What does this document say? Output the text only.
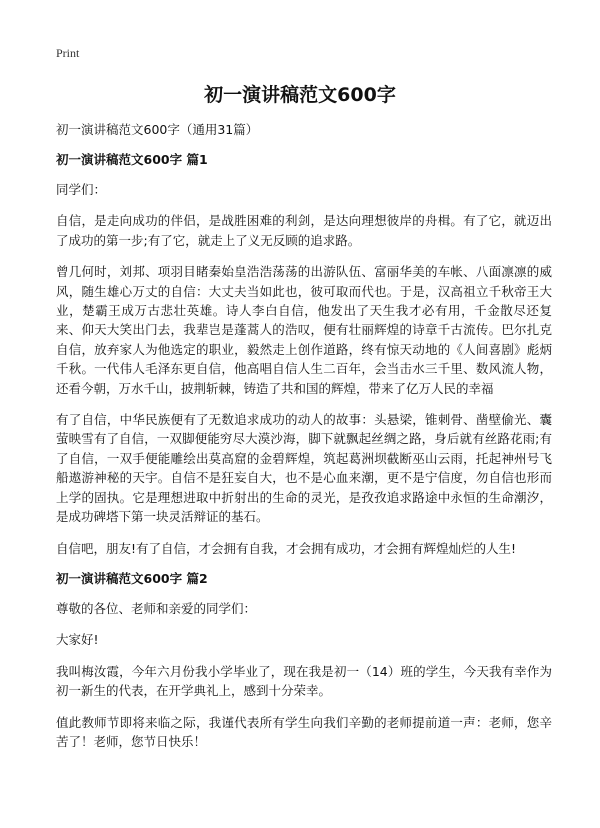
Print
初一演讲稿范文600字

初一演讲稿范文600字（通用31篇）

初一演讲稿范文600字 篇1

同学们：

自信，是走向成功的伴侣，是战胜困难的利剑，是达向理想彼岸的舟楫。有了它，就迈出了成功的第一步;有了它，就走上了义无反顾的追求路。

曾几何时，刘邦、项羽目睹秦始皇浩浩荡荡的出游队伍、富丽华美的车帐、八面凛凛的威风，随生雄心万丈的自信：大丈夫当如此也，彼可取而代也。于是，汉高祖立千秋帝王大业，楚霸王成万古悲壮英雄。诗人李白自信，他发出了天生我才必有用，千金散尽还复来、仰天大笑出门去，我辈岂是蓬蒿人的浩叹，便有壮丽辉煌的诗章千古流传。巴尔扎克自信，放弃家人为他选定的职业，毅然走上创作道路，终有惊天动地的《人间喜剧》彪炳千秋。一代伟人毛泽东更自信，他高唱自信人生二百年，会当击水三千里、数风流人物，还看今朝，万水千山，披荆斩棘，铸造了共和国的辉煌，带来了亿万人民的幸福

有了自信，中华民族便有了无数追求成功的动人的故事：头悬梁，锥刺骨、凿壁偷光、囊萤映雪有了自信，一双脚便能穷尽大漠沙海，脚下就飘起丝绸之路，身后就有丝路花雨;有了自信，一双手便能雕绘出莫高窟的金碧辉煌，筑起葛洲坝截断巫山云雨，托起神州号飞船遨游神秘的天宇。自信不是狂妄自大，也不是心血来潮，更不是宁信度，勿自信也形而上学的固执。它是理想进取中折射出的生命的灵光，是孜孜追求路途中永恒的生命潮汐，是成功碑塔下第一块灵活辩证的基石。

自信吧，朋友!有了自信，才会拥有自我，才会拥有成功，才会拥有辉煌灿烂的人生!

初一演讲稿范文600字 篇2

尊敬的各位、老师和亲爱的同学们：

大家好!

我叫梅汝霞，今年六月份我小学毕业了，现在我是初一（14）班的学生，今天我有幸作为初一新生的代表，在开学典礼上，感到十分荣幸。

值此教师节即将来临之际，我谨代表所有学生向我们辛勤的老师提前道一声：老师，您辛苦了！老师，您节日快乐！
